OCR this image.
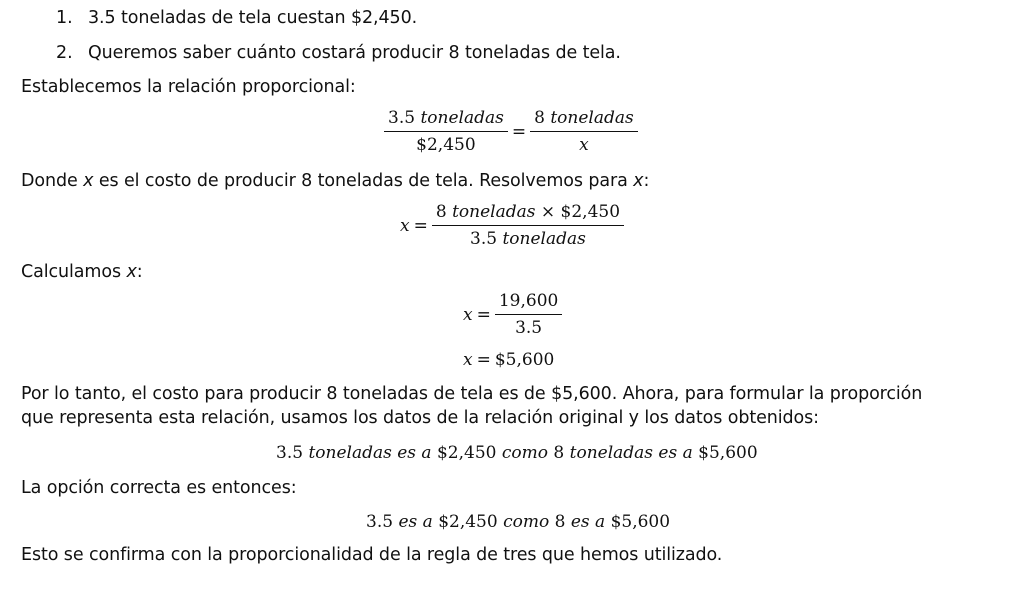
1. 3.5 toneladas de tela cuestan $2,450.
2. Queremos saber cuánto costará producir 8 toneladas de tela.
Establecemos la relación proporcional:
$\frac{\text{3.5 toneladas}}{\$2,450} = \frac{\text{8 toneladas}}{x}$
Donde x es el costo de producir 8 toneladas de tela. Resolvemos para x:
$x = \frac{\text{8 toneladas × \$2,450}}{\text{3.5 toneladas}}$
Calculamos x:
$x = \frac{19,600}{3.5}$
x = $5,600
Por lo tanto, el costo para producir 8 toneladas de tela es de $5,600. Ahora, para formular la proporción
que representa esta relación, usamos los datos de la relación original y los datos obtenidos:
3.5 toneladas es a $2,450 como 8 toneladas es a $5,600
La opción correcta es entonces:
3.5 es a $2,450 como 8 es a $5,600
Esto se confirma con la proporcionalidad de la regla de tres que hemos utilizado.
